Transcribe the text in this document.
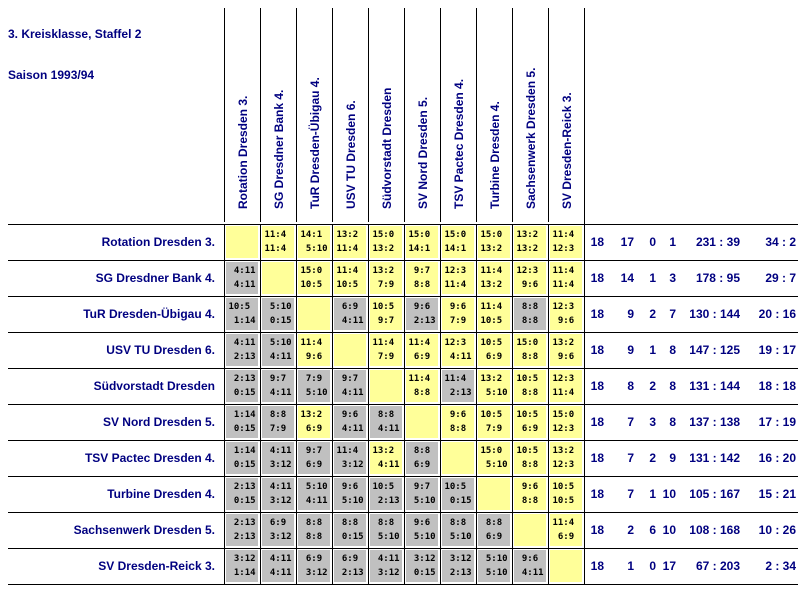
3. Kreisklasse, Staffel 2
Saison 1993/94
Rotation Dresden 3. SG Dresdner Bank 4. TuR Dresden-Übigau 4. USV TU Dresden 6. Südvorstadt Dresden SV Nord Dresden 5. TSV Pactec Dresden 4. Turbine Dresden 4. Sachsenwerk Dresden 5. SV Dresden-Reick 3.
Rotation Dresden 3.	11:4
11:4
14:1
5:10
13:2
11:4
15:0
13:2
15:0
14:1
15:0
14:1
15:0
13:2
13:2
13:2
11:4
12:3 18 17 0 1 231 : 39 34 : 2
SG Dresdner Bank 4. 4:11
4:11
15:0
10:5
11:4
10:5
13:2
7:9
9:7
8:8
12:3
11:4
11:4
13:2
12:3
9:6
11:4
11:4 18 14 1 3 178 : 95 29 : 7
TuR Dresden-Übigau 4. 10:5
1:14
5:10
0:15
6:9
4:11
10:5
9:7
9:6
2:13
9:6
7:9
11:4
10:5
8:8
8:8
12:3
9:6 18 9 2 7 130 : 144 20 : 16
USV TU Dresden 6. 4:11
2:13
5:10
4:11
11:4
9:6
11:4
7:9
11:4
6:9
12:3
4:11
10:5
6:9
15:0
8:8
13:2
9:6 18 9 1 8 147 : 125 19 : 17
Südvorstadt Dresden 2:13
0:15
9:7
4:11
7:9
5:10
9:7
4:11
11:4
8:8
11:4
2:13
13:2
5:10
10:5
8:8
12:3
11:4 18 8 2 8 131 : 144 18 : 18
SV Nord Dresden 5. 1:14
0:15
8:8
7:9
13:2
6:9
9:6
4:11
8:8
4:11
9:6
8:8
10:5
7:9
10:5
6:9
15:0
12:3 18 7 3 8 137 : 138 17 : 19
TSV Pactec Dresden 4. 1:14
0:15
4:11
3:12
9:7
6:9
11:4
3:12
13:2
4:11
8:8
6:9
15:0
5:10
10:5
8:8
13:2
12:3 18 7 2 9 131 : 142 16 : 20
Turbine Dresden 4. 2:13
0:15
4:11
3:12
5:10
4:11
9:6
5:10
10:5
2:13
9:7
5:10
10:5
0:15
9:6
8:8
10:5
10:5 18 7 1 10 105 : 167 15 : 21
Sachsenwerk Dresden 5. 2:13
2:13
6:9
3:12
8:8
8:8
8:8
0:15
8:8
5:10
9:6
5:10
8:8
5:10
8:8
6:9
11:4
6:9 18 2 6 10 108 : 168 10 : 26
SV Dresden-Reick 3. 3:12
1:14
4:11
4:11
6:9
3:12
6:9
2:13
4:11
3:12
3:12
0:15
3:12
2:13
5:10
5:10
9:6
4:11	18 1 0 17 67 : 203 2 : 34
